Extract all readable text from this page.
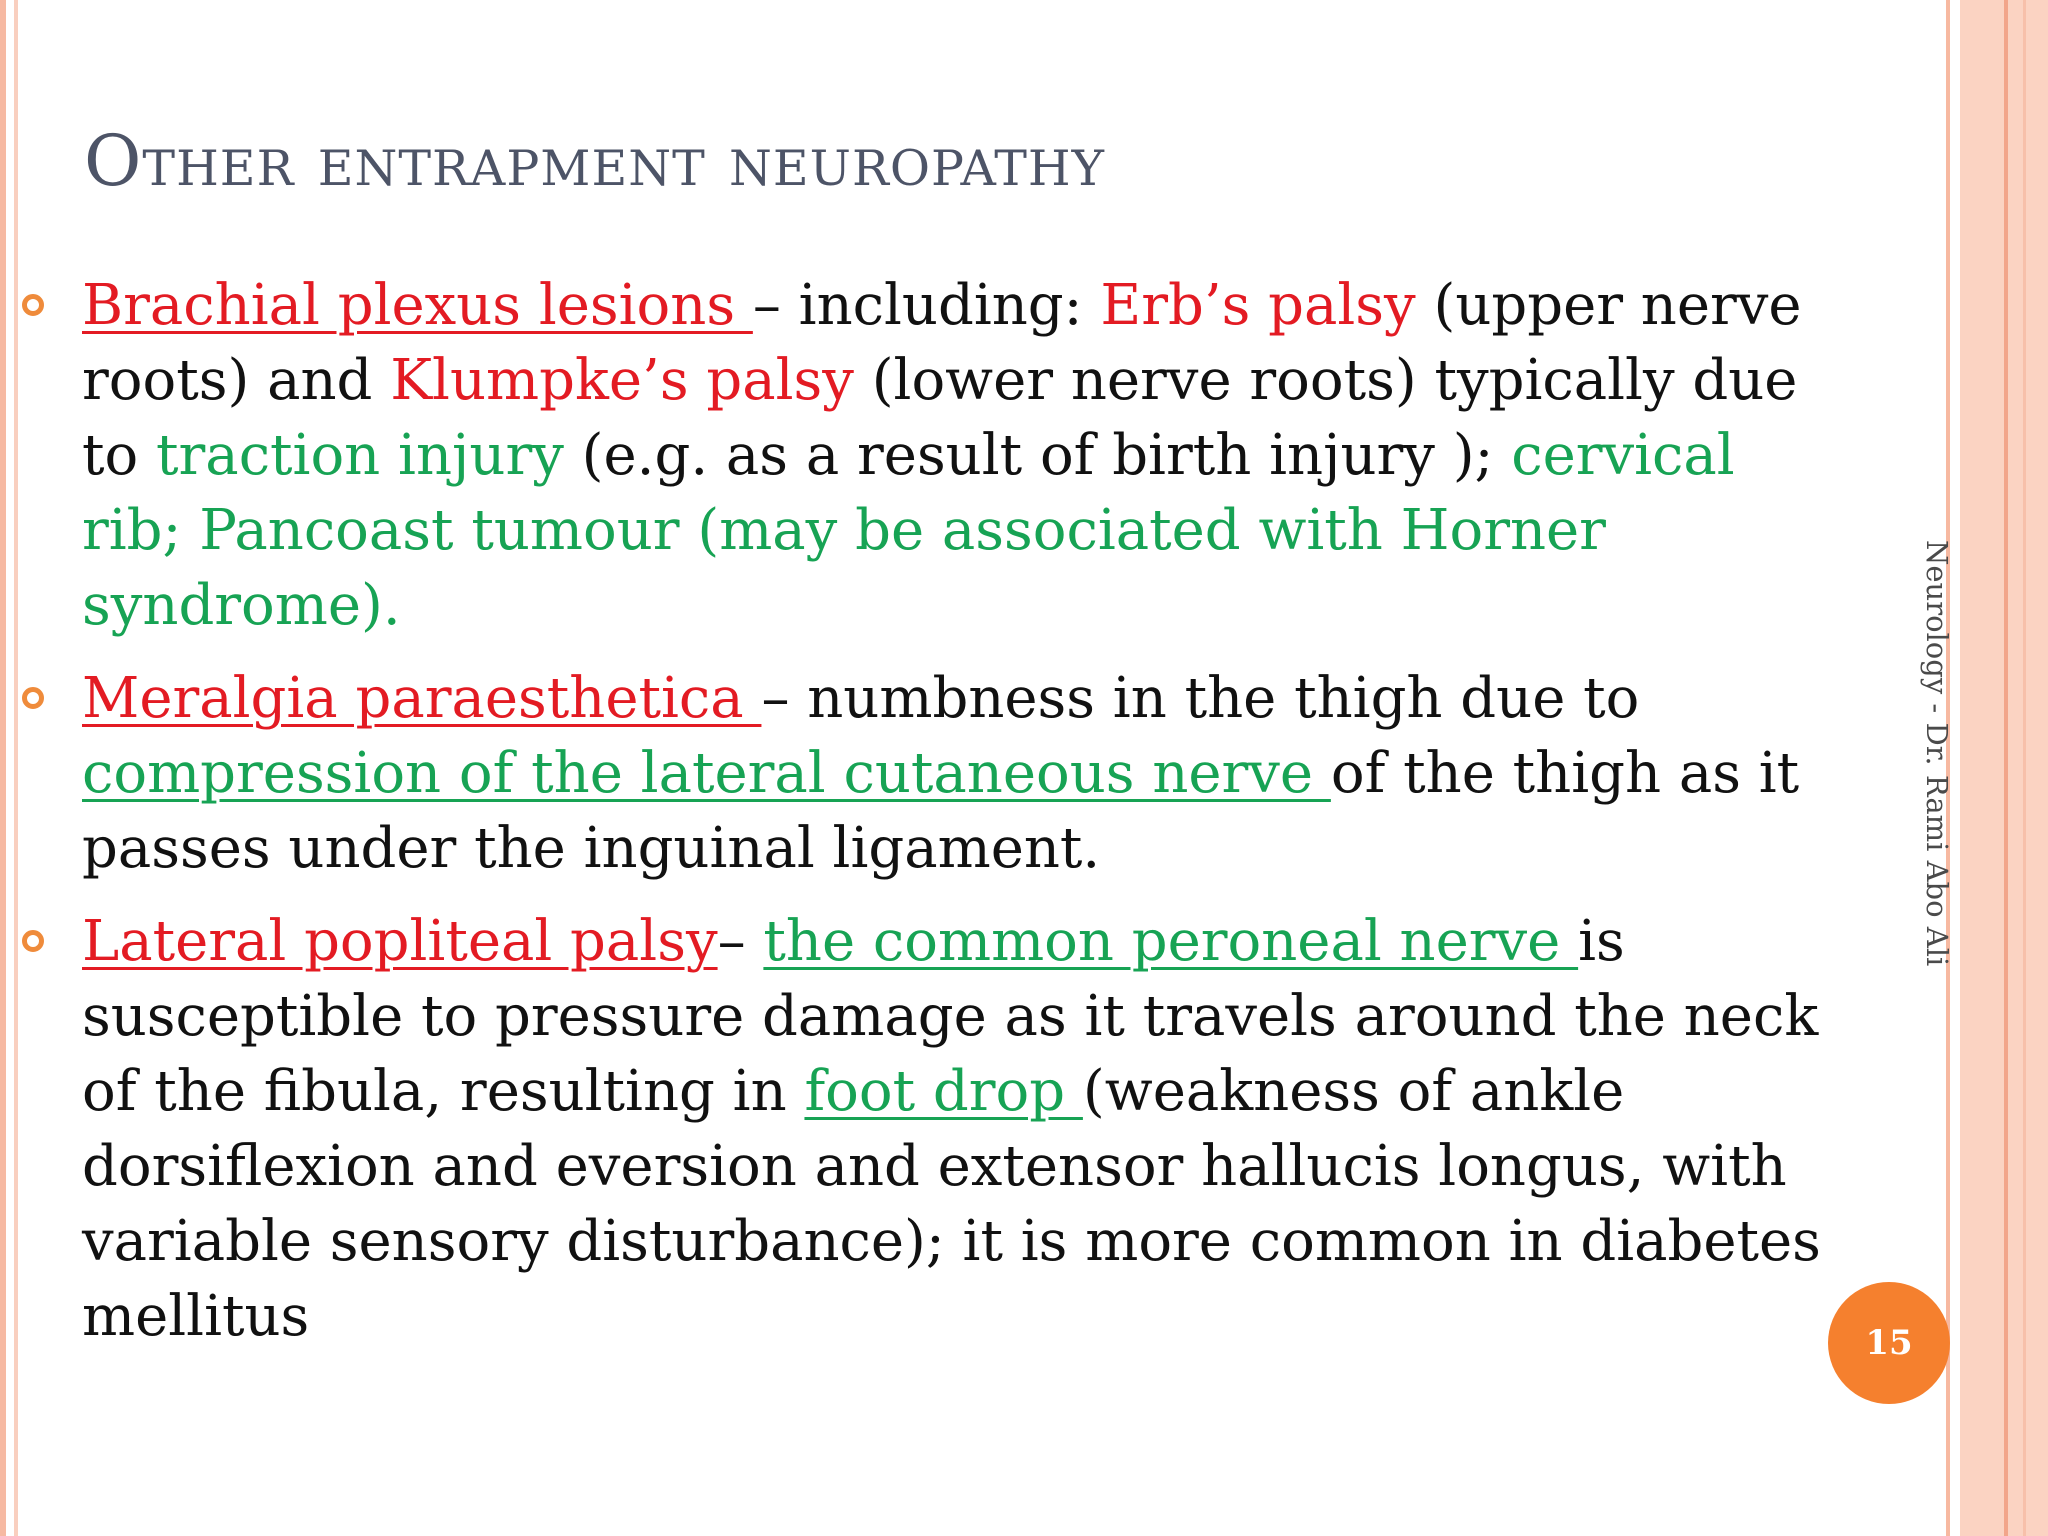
Other entrapment neuropathy
Brachial plexus lesions – including: Erb’s palsy (upper nerve roots) and Klumpke’s palsy (lower nerve roots) typically due to traction injury (e.g. as a result of birth injury ); cervical rib; Pancoast tumour (may be associated with Horner syndrome).
Meralgia paraesthetica – numbness in the thigh due to compression of the lateral cutaneous nerve of the thigh as it passes under the inguinal ligament.
Lateral popliteal palsy– the common peroneal nerve is susceptible to pressure damage as it travels around the neck of the fibula, resulting in foot drop (weakness of ankle dorsiflexion and eversion and extensor hallucis longus, with variable sensory disturbance); it is more common in diabetes mellitus
Neurology - Dr. Rami Abo Ali
15
